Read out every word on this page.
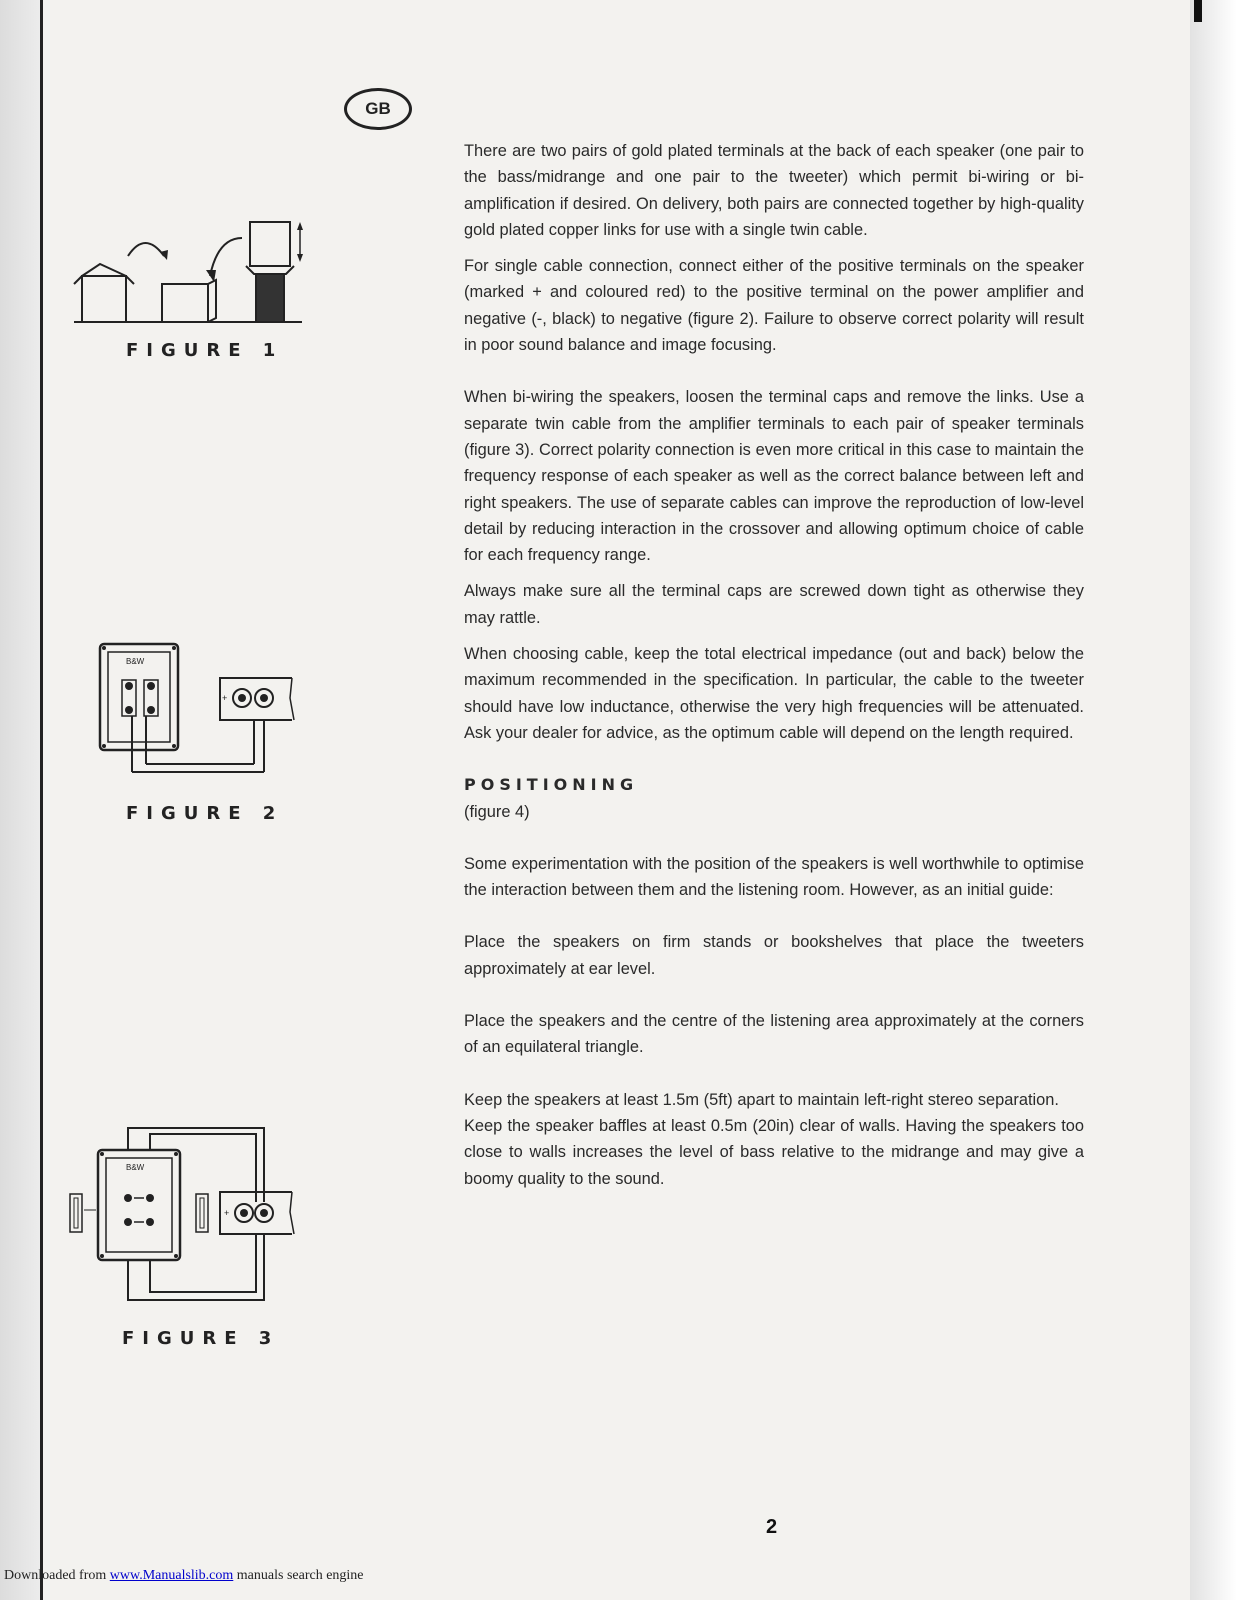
GB
FIGURE 1
B&W
+
FIGURE 2
B&W
+
FIGURE 3

There are two pairs of gold plated terminals at the back of each speaker (one pair to the bass/midrange and one pair to the tweeter) which permit bi-wiring or bi-amplification if desired. On delivery, both pairs are connected together by high-quality gold plated copper links for use with a single twin cable.

For single cable connection, connect either of the positive terminals on the speaker (marked + and coloured red) to the positive terminal on the power amplifier and negative (-, black) to negative (figure 2). Failure to observe correct polarity will result in poor sound balance and image focusing.

When bi-wiring the speakers, loosen the terminal caps and remove the links. Use a separate twin cable from the amplifier terminals to each pair of speaker terminals (figure 3). Correct polarity connection is even more critical in this case to maintain the frequency response of each speaker as well as the correct balance between left and right speakers. The use of separate cables can improve the reproduction of low-level detail by reducing interaction in the crossover and allowing optimum choice of cable for each frequency range.

Always make sure all the terminal caps are screwed down tight as otherwise they may rattle.

When choosing cable, keep the total electrical impedance (out and back) below the maximum recommended in the specification. In particular, the cable to the tweeter should have low inductance, otherwise the very high frequencies will be attenuated. Ask your dealer for advice, as the optimum cable will depend on the length required.

POSITIONING

(figure 4)

Some experimentation with the position of the speakers is well worthwhile to optimise the interaction between them and the listening room. However, as an initial guide:

Place the speakers on firm stands or bookshelves that place the tweeters approximately at ear level.

Place the speakers and the centre of the listening area approximately at the corners of an equilateral triangle.

Keep the speakers at least 1.5m (5ft) apart to maintain left-right stereo separation.

Keep the speaker baffles at least 0.5m (20in) clear of walls. Having the speakers too close to walls increases the level of bass relative to the midrange and may give a boomy quality to the sound.

2
Downloaded from www.Manualslib.com manuals search engine
